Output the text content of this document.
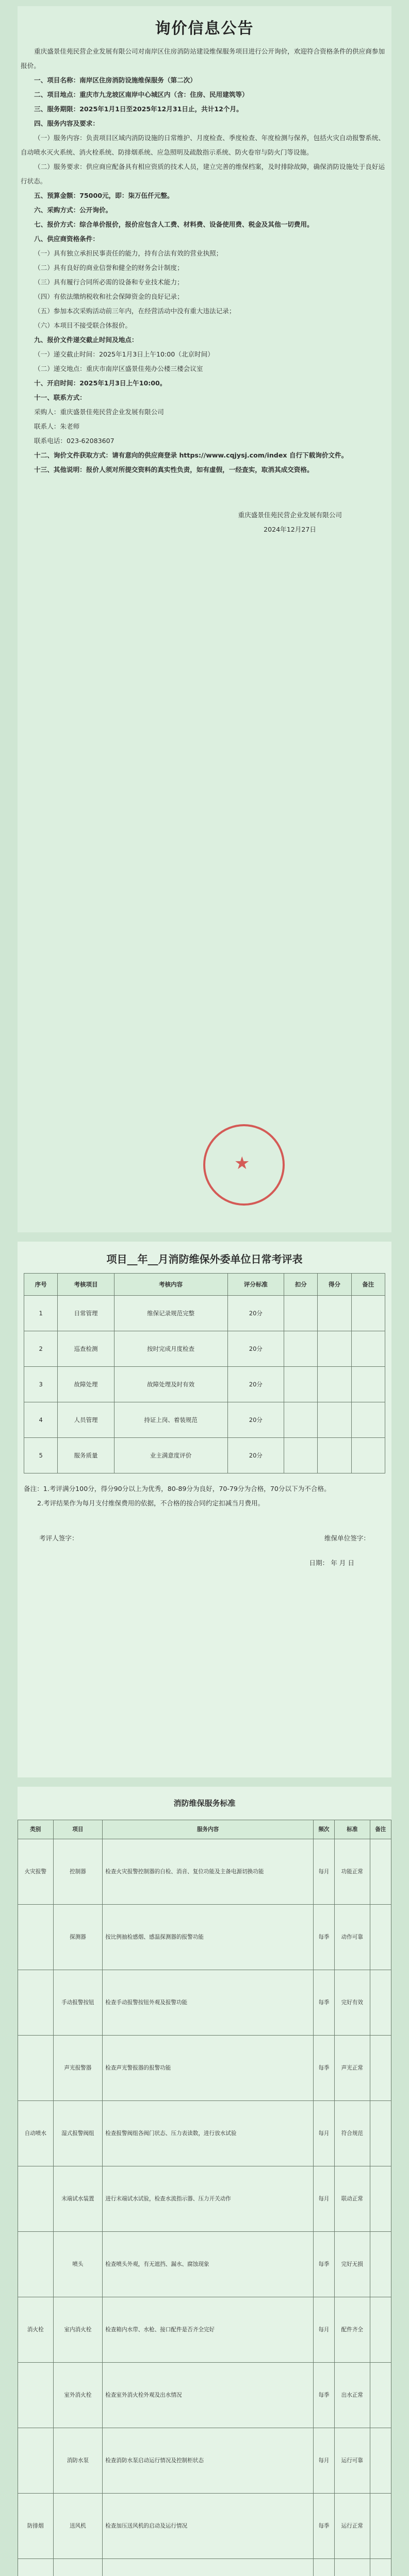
询价信息公告

重庆盛景佳苑民营企业发展有限公司对南岸区住房消防站建设维保服务项目进行公开询价，欢迎符合资格条件的供应商参加报价。

一、项目名称：南岸区住房消防设施维保服务（第二次）

二、项目地点：重庆市九龙坡区南岸中心城区内（含：住房、民用建筑等）

三、服务期限：2025年1月1日至2025年12月31日止，共计12个月。

四、服务内容及要求：

（一）服务内容：负责项目区域内消防设施的日常维护、月度检查、季度检查、年度检测与保养，包括火灾自动报警系统、自动喷水灭火系统、消火栓系统、防排烟系统、应急照明及疏散指示系统、防火卷帘与防火门等设施。

（二）服务要求：供应商应配备具有相应资质的技术人员，建立完善的维保档案，及时排除故障，确保消防设施处于良好运行状态。

五、预算金额：75000元，即：柒万伍仟元整。

六、采购方式：公开询价。

七、报价方式：综合单价报价，报价应包含人工费、材料费、设备使用费、税金及其他一切费用。

八、供应商资格条件：

（一）具有独立承担民事责任的能力，持有合法有效的营业执照；

（二）具有良好的商业信誉和健全的财务会计制度；

（三）具有履行合同所必需的设备和专业技术能力；

（四）有依法缴纳税收和社会保障资金的良好记录；

（五）参加本次采购活动前三年内，在经营活动中没有重大违法记录；

（六）本项目不接受联合体报价。

九、报价文件递交截止时间及地点：

（一）递交截止时间：2025年1月3日上午10:00（北京时间）

（二）递交地点：重庆市南岸区盛景佳苑办公楼三楼会议室

十、开启时间：2025年1月3日上午10:00。

十一、联系方式：

采购人：重庆盛景佳苑民营企业发展有限公司

联系人：朱老师

联系电话：023-62083607

十二、询价文件获取方式：请有意向的供应商登录 https://www.cqjysj.com/index 自行下载询价文件。

十三、其他说明：报价人须对所提交资料的真实性负责，如有虚假，一经查实，取消其成交资格。

重庆盛景佳苑民营企业发展有限公司

2024年12月27日

★
项目__年__月消防维保外委单位日常考评表
序号	考核项目	考核内容	评分标准	扣分	得分	备注
1	日常管理	维保记录规范完整	20分			
2	巡查检测	按时完成月度检查	20分			
3	故障处理	故障处理及时有效	20分			
4	人员管理	持证上岗、着装规范	20分			
5	服务质量	业主满意度评价	20分			

备注：1.考评满分100分，得分90分以上为优秀，80-89分为良好，70-79分为合格，70分以下为不合格。

2.考评结果作为每月支付维保费用的依据，不合格的按合同约定扣减当月费用。

考评人签字：	维保单位签字：

日期： 年 月 日

消防维保服务标准
类别	项目	服务内容	频次	标准	备注
火灾报警	控制器	检查火灾报警控制器的自检、消音、复位功能及主备电源切换功能	每月	功能正常	
	探测器	按比例抽检感烟、感温探测器的报警功能	每季	动作可靠	
	手动报警按钮	检查手动报警按钮外观及报警功能	每季	完好有效	
	声光报警器	检查声光警报器的报警功能	每季	声光正常	
自动喷水	湿式报警阀组	检查报警阀组各阀门状态、压力表读数，进行放水试验	每月	符合规范	
	末端试水装置	进行末端试水试验，检查水流指示器、压力开关动作	每月	联动正常	
	喷头	检查喷头外观，有无遮挡、漏水、腐蚀现象	每季	完好无损	
消火栓	室内消火栓	检查箱内水带、水枪、接口配件是否齐全完好	每月	配件齐全	
	室外消火栓	检查室外消火栓外观及出水情况	每季	出水正常	
	消防水泵	检查消防水泵启动运行情况及控制柜状态	每月	运行可靠	
防排烟	送风机	检查加压送风机的启动及运行情况	每季	运行正常	
